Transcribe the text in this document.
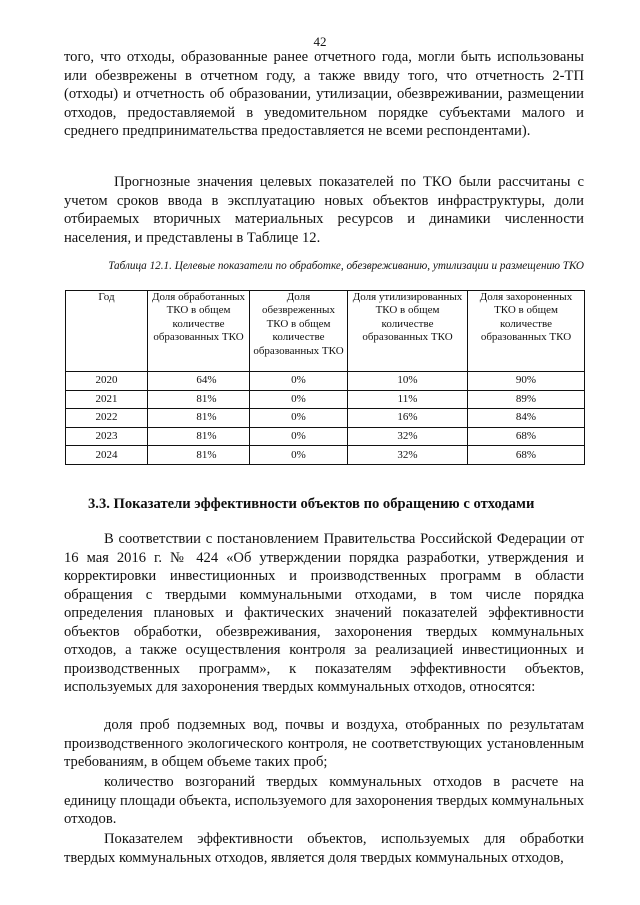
42
того, что отходы, образованные ранее отчетного года, могли быть использованы или обезврежены в отчетном году, а также ввиду того, что отчетность 2-ТП (отходы) и отчетность об образовании, утилизации, обезвреживании, размещении отходов, предоставляемой в уведомительном порядке субъектами малого и среднего предпринимательства предоставляется не всеми респондентами).
Прогнозные значения целевых показателей по ТКО были рассчитаны с учетом сроков ввода в эксплуатацию новых объектов инфраструктуры, доли отбираемых вторичных материальных ресурсов и динамики численности населения, и представлены в Таблице 12.
Таблица 12.1. Целевые показатели по обработке, обезвреживанию, утилизации и размещению ТКО
Год	Доля обработанных ТКО в общем количестве образованных ТКО	Доля обезвреженных ТКО в общем количестве образованных ТКО	Доля утилизированных ТКО в общем количестве образованных ТКО	Доля захороненных ТКО в общем количестве образованных ТКО
2020	64%	0%	10%	90%
2021	81%	0%	11%	89%
2022	81%	0%	16%	84%
2023	81%	0%	32%	68%
2024	81%	0%	32%	68%
3.3. Показатели эффективности объектов по обращению с отходами
В соответствии с постановлением Правительства Российской Федерации от 16 мая 2016 г. № 424 «Об утверждении порядка разработки, утверждения и корректировки инвестиционных и производственных программ в области обращения с твердыми коммунальными отходами, в том числе порядка определения плановых и фактических значений показателей эффективности объектов обработки, обезвреживания, захоронения твердых коммунальных отходов, а также осуществления контроля за реализацией инвестиционных и производственных программ», к показателям эффективности объектов, используемых для захоронения твердых коммунальных отходов, относятся:
доля проб подземных вод, почвы и воздуха, отобранных по результатам производственного экологического контроля, не соответствующих установленным требованиям, в общем объеме таких проб;
количество возгораний твердых коммунальных отходов в расчете на единицу площади объекта, используемого для захоронения твердых коммунальных отходов.
Показателем эффективности объектов, используемых для обработки твердых коммунальных отходов, является доля твердых коммунальных отходов,
